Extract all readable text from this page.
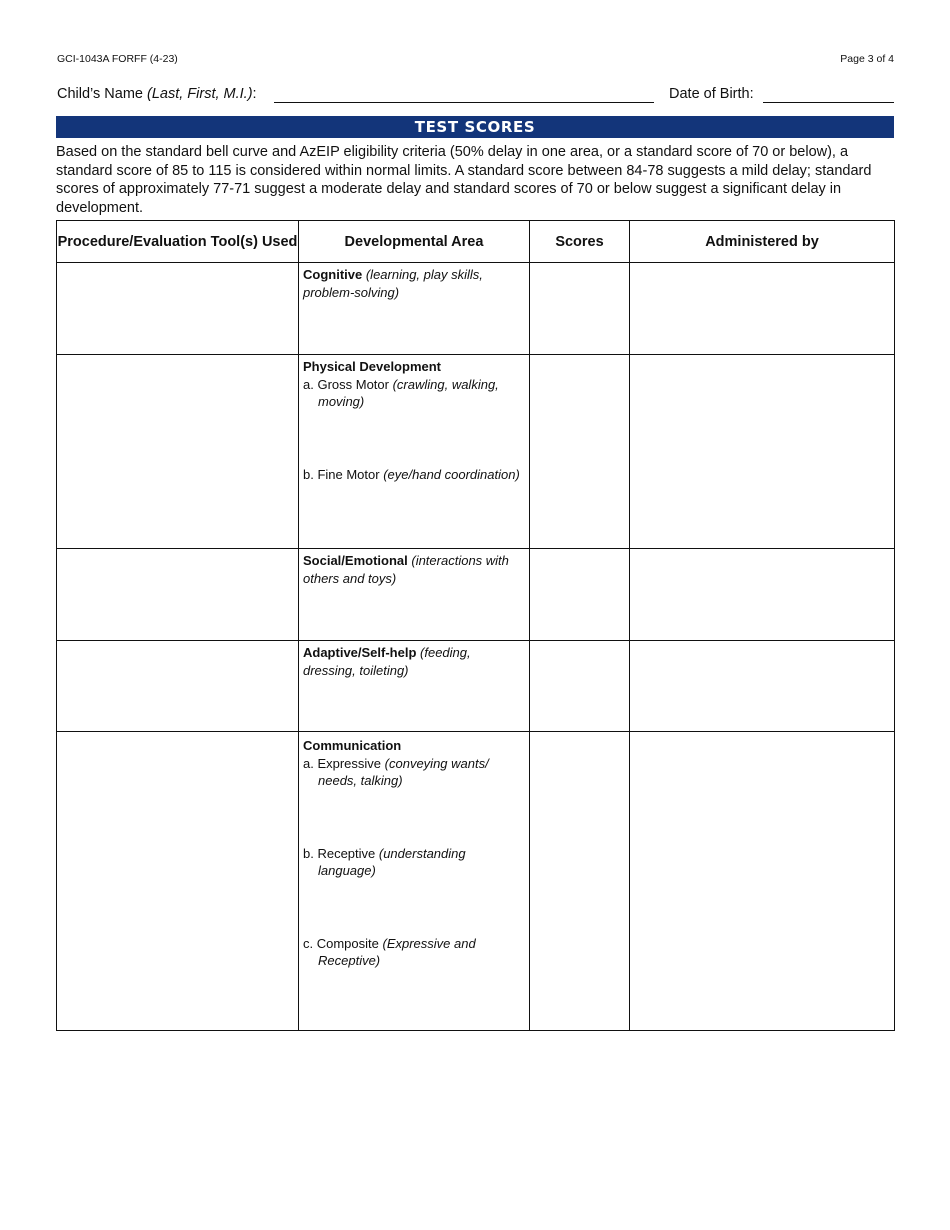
GCI-1043A FORFF (4-23)	Page 3 of 4
Child’s Name (Last, First, M.I.):	Date of Birth:
TEST SCORES
Based on the standard bell curve and AzEIP eligibility criteria (50% delay in one area, or a standard score of 70 or below), a standard score of 85 to 115 is considered within normal limits. A standard score between 84-78 suggests a mild delay; standard scores of approximately 77-71 suggest a moderate delay and standard scores of 70 or below suggest a significant delay in development.
Procedure/Evaluation Tool(s) Used	Developmental Area	Scores	Administered by

	Cognitive (learning, play skills, problem-solving)		

	Physical Development
a. Gross Motor (crawling, walking, moving)
b. Fine Motor (eye/hand coordination)		

	Social/Emotional (interactions with others and toys)		

	Adaptive/Self-help (feeding, dressing, toileting)		

	Communication
a. Expressive (conveying wants/ needs, talking)
b. Receptive (understanding language)
c. Composite (Expressive and Receptive)		
